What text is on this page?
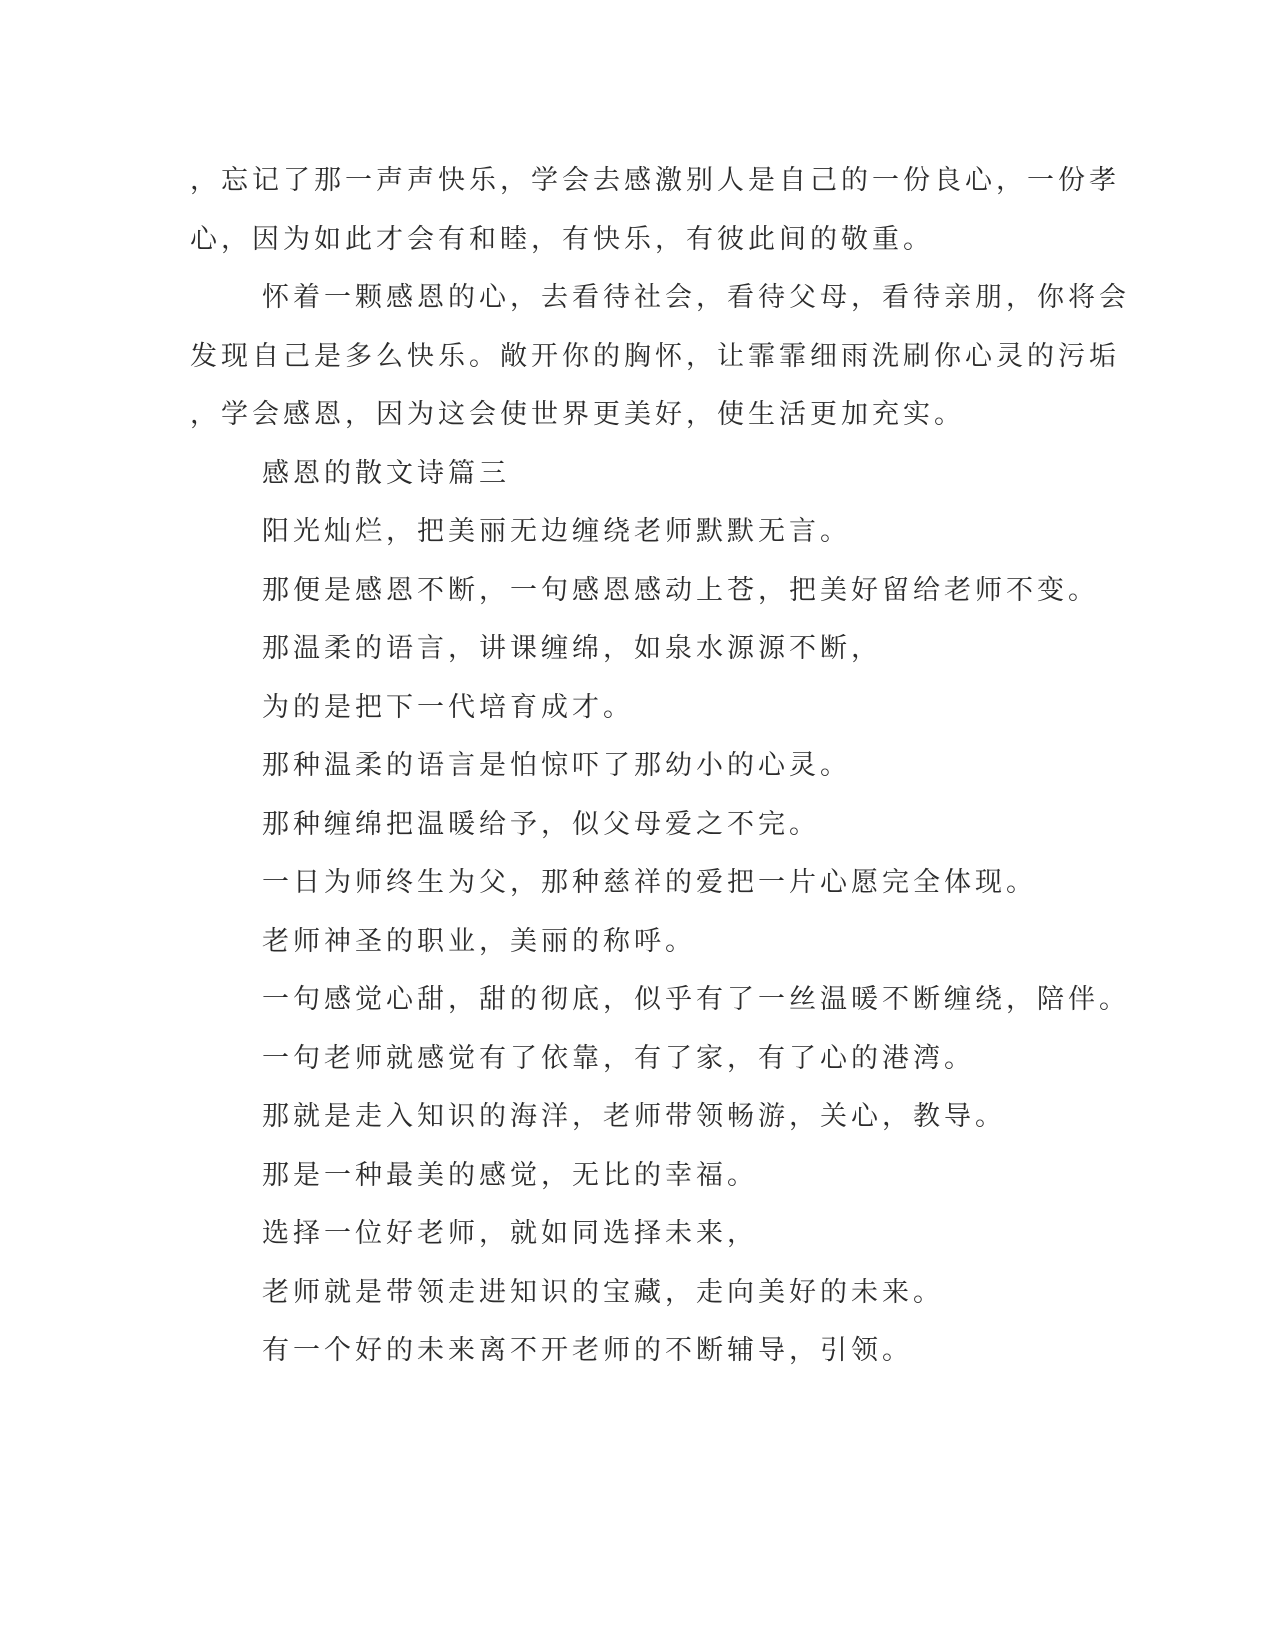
，忘记了那一声声快乐，学会去感激别人是自己的一份良心，一份孝
心，因为如此才会有和睦，有快乐，有彼此间的敬重。
怀着一颗感恩的心，去看待社会，看待父母，看待亲朋，你将会
发现自己是多么快乐。敞开你的胸怀，让霏霏细雨洗刷你心灵的污垢
，学会感恩，因为这会使世界更美好，使生活更加充实。
感恩的散文诗篇三
阳光灿烂，把美丽无边缠绕老师默默无言。
那便是感恩不断，一句感恩感动上苍，把美好留给老师不变。
那温柔的语言，讲课缠绵，如泉水源源不断，
为的是把下一代培育成才。
那种温柔的语言是怕惊吓了那幼小的心灵。
那种缠绵把温暖给予，似父母爱之不完。
一日为师终生为父，那种慈祥的爱把一片心愿完全体现。
老师神圣的职业，美丽的称呼。
一句感觉心甜，甜的彻底，似乎有了一丝温暖不断缠绕，陪伴。
一句老师就感觉有了依靠，有了家，有了心的港湾。
那就是走入知识的海洋，老师带领畅游，关心，教导。
那是一种最美的感觉，无比的幸福。
选择一位好老师，就如同选择未来，
老师就是带领走进知识的宝藏，走向美好的未来。
有一个好的未来离不开老师的不断辅导，引领。
